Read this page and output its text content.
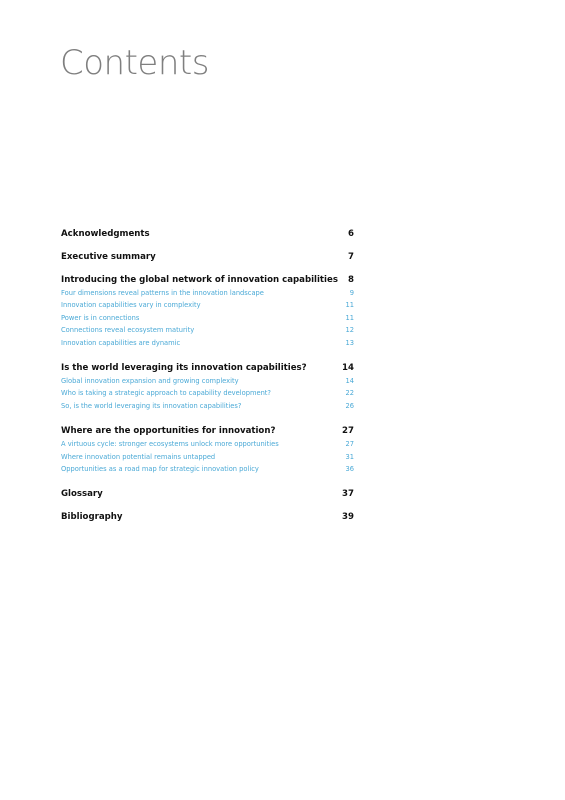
Contents
Acknowledgments	6
Executive summary	7
Introducing the global network of innovation capabilities 8
Four dimensions reveal patterns in the innovation landscape	9
Innovation capabilities vary in complexity	11
Power is in connections	11
Connections reveal ecosystem maturity	12
Innovation capabilities are dynamic	13
Is the world leveraging its innovation capabilities?	14
Global innovation expansion and growing complexity	14
Who is taking a strategic approach to capability development?	22
So, is the world leveraging its innovation capabilities?	26
Where are the opportunities for innovation?	27
A virtuous cycle: stronger ecosystems unlock more opportunities	27
Where innovation potential remains untapped	31
Opportunities as a road map for strategic innovation policy	36
Glossary	37
Bibliography	39
